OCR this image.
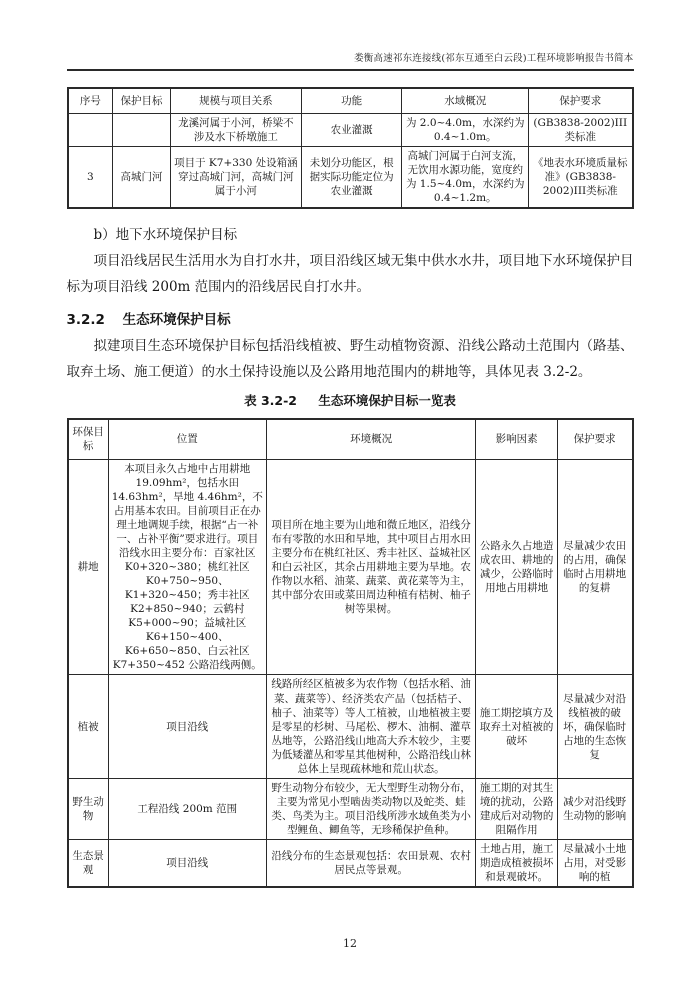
娄衡高速祁东连接线(祁东互通至白云段)工程环境影响报告书简本
序号	保护目标	规模与项目关系	功能	水域概况	保护要求
		龙溪河属于小河，桥梁不涉及水下桥墩施工	农业灌溉	为 2.0~4.0m，水深约为 0.4~1.0m。	(GB3838-2002)III类标准
3	高城门河	项目于 K7+330 处设箱涵穿过高城门河，高城门河属于小河	未划分功能区，根据实际功能定位为农业灌溉	高城门河属于白河支流，无饮用水源功能，宽度约为 1.5~4.0m，水深约为 0.4~1.2m。	《地表水环境质量标准》(GB3838-2002)III类标准

b）地下水环境保护目标

项目沿线居民生活用水为自打水井，项目沿线区域无集中供水水井，项目地下水环境保护目标为项目沿线 200m 范围内的沿线居民自打水井。

3.2.2 生态环境保护目标

拟建项目生态环境保护目标包括沿线植被、野生动植物资源、沿线公路动土范围内（路基、取弃土场、施工便道）的水土保持设施以及公路用地范围内的耕地等，具体见表 3.2-2。

表 3.2-2 生态环境保护目标一览表

环保目标	位置	环境概况	影响因素	保护要求
耕地	本项目永久占地中占用耕地19.09hm²，包括水田 14.63hm²，旱地 4.46hm²，不占用基本农田。目前项目正在办理土地调规手续，根据“占一补一、占补平衡”要求进行。项目沿线水田主要分布：百家社区 K0+320~380；桃红社区 K0+750~950、K1+320~450；秀丰社区 K2+850~940；云鹤村 K5+000~90；益城社区 K6+150~400、K6+650~850、白云社区 K7+350~452 公路沿线两侧。	项目所在地主要为山地和微丘地区，沿线分布有零散的水田和旱地，其中项目占用水田主要分布在桃红社区、秀丰社区、益城社区和白云社区，其余占用耕地主要为旱地。农作物以水稻、油菜、蔬菜、黄花菜等为主，其中部分农田或菜田周边种植有桔树、柚子树等果树。	公路永久占地造成农田、耕地的减少，公路临时用地占用耕地	尽量减少农田的占用，确保临时占用耕地的复耕
植被	项目沿线	线路所经区植被多为农作物（包括水稻、油菜、蔬菜等）、经济类农产品（包括桔子、柚子、油菜等）等人工植被，山地植被主要是零星的杉树、马尾松、椤木、油桐、灌草丛地等，公路沿线山地高大乔木较少，主要为低矮灌丛和零星其他树种，公路沿线山林总体上呈现疏林地和荒山状态。	施工期挖填方及取弃土对植被的破坏	尽量减少对沿线植被的破坏，确保临时占地的生态恢复
野生动物	工程沿线 200m 范围	野生动物分布较少，无大型野生动物分布，主要为常见小型啮齿类动物以及蛇类、蛙类、鸟类为主。项目沿线所涉水域鱼类为小型鲤鱼、鲫鱼等，无珍稀保护鱼种。	施工期的对其生境的扰动，公路建成后对动物的阻隔作用	减少对沿线野生动物的影响
生态景观	项目沿线	沿线分布的生态景观包括：农田景观、农村居民点等景观。	土地占用，施工期造成植被损坏和景观破坏。	尽量减小土地占用，对受影响的植
12
